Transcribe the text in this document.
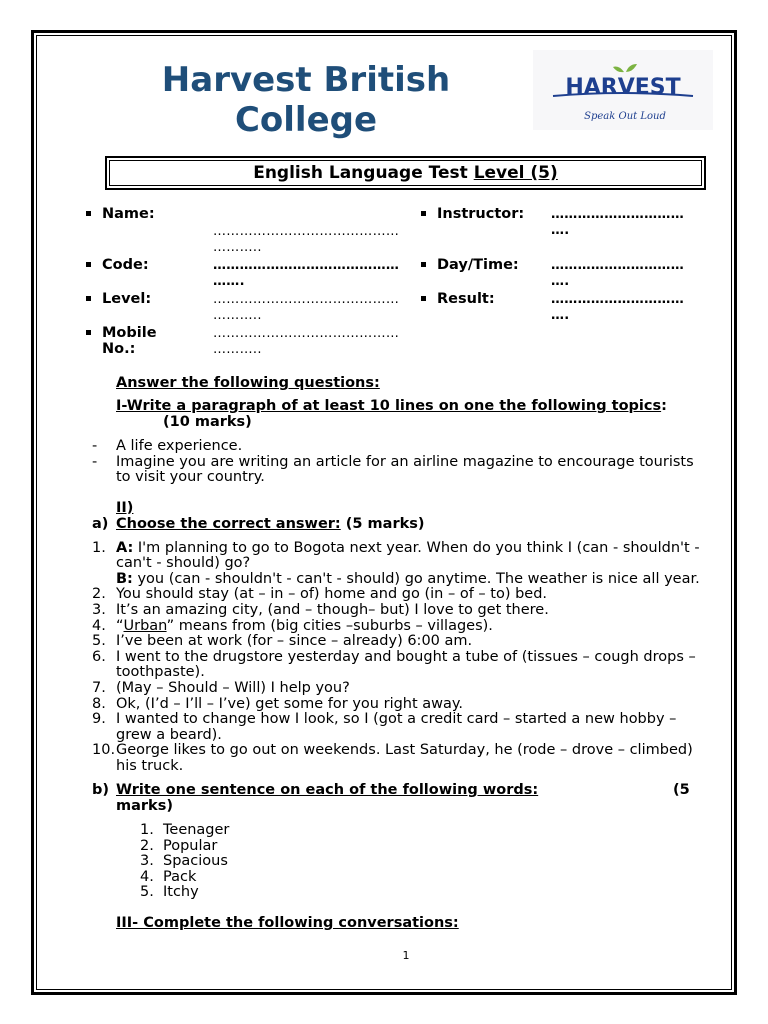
Harvest British
College
HARVEST
Speak Out Loud
English Language Test Level (5)
Name:
……………………………………
………..
Code:	……………………………………
…….
Level:	……………………………………
………..
Mobile
No.:
……………………………………
………..
Instructor: …………………………
….
Day/Time: …………………………
….
Result:	…………………………
….
Answer the following questions:
I-Write a paragraph of at least 10 lines on one the following topics:
(10 marks)
- A life experience.
- Imagine you are writing an article for an airline magazine to encourage tourists
to visit your country.
II)
a) Choose the correct answer: (5 marks)
1. A: I'm planning to go to Bogota next year. When do you think I (can - shouldn't -
can't - should) go?
B: you (can - shouldn't - can't - should) go anytime. The weather is nice all year.
2. You should stay (at – in – of) home and go (in – of – to) bed.
3. It’s an amazing city, (and – though– but) I love to get there.
4. “Urban” means from (big cities –suburbs – villages).
5. I’ve been at work (for – since – already) 6:00 am.
6. I went to the drugstore yesterday and bought a tube of (tissues – cough drops –
toothpaste).
7. (May – Should – Will) I help you?
8. Ok, (I’d – I’ll – I’ve) get some for you right away.
9. I wanted to change how I look, so I (got a credit card – started a new hobby –
grew a beard).
10. George likes to go out on weekends. Last Saturday, he (rode – drove – climbed)
his truck.
b) Write one sentence on each of the following words:	(5
marks)
1. Teenager
2. Popular
3. Spacious
4. Pack
5. Itchy
III- Complete the following conversations:
1
